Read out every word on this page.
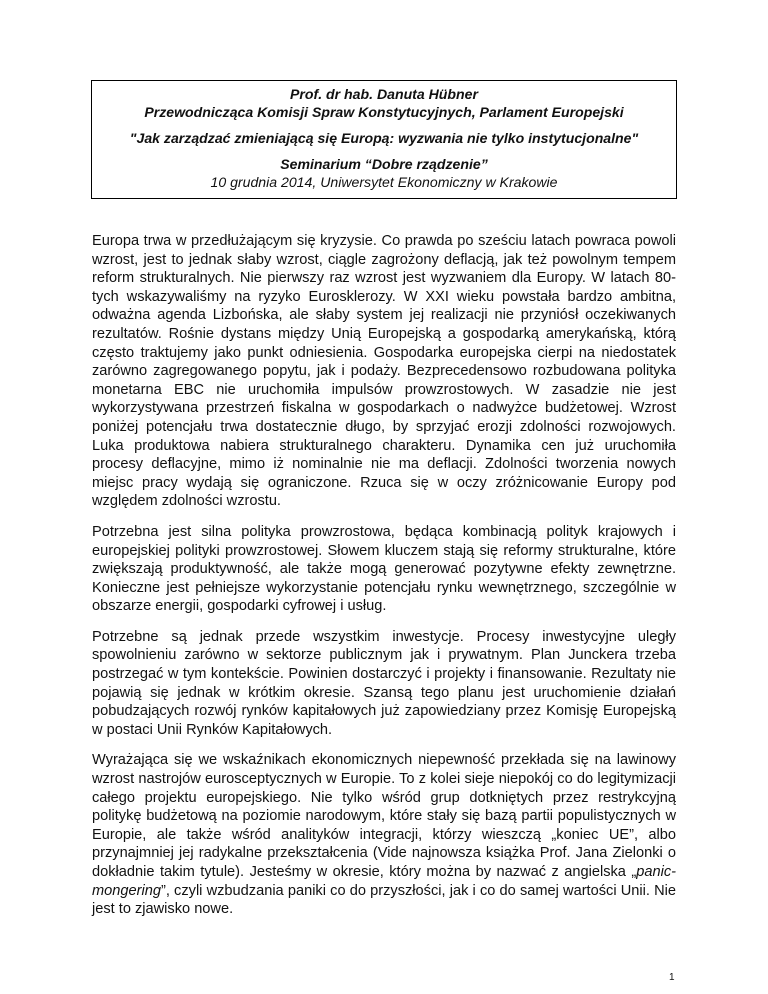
Prof. dr hab. Danuta Hübner
Przewodnicząca Komisji Spraw Konstytucyjnych, Parlament Europejski
"Jak zarządzać zmieniającą się Europą: wyzwania nie tylko instytucjonalne"
Seminarium “Dobre rządzenie”
10 grudnia 2014, Uniwersytet Ekonomiczny w Krakowie

Europa trwa w przedłużającym się kryzysie. Co prawda po sześciu latach powraca powoli wzrost, jest to jednak słaby wzrost, ciągle zagrożony deflacją, jak też powolnym tempem reform strukturalnych. Nie pierwszy raz wzrost jest wyzwaniem dla Europy. W latach 80-tych wskazywaliśmy na ryzyko Eurosklerozy. W XXI wieku powstała bardzo ambitna, odważna agenda Lizbońska, ale słaby system jej realizacji nie przyniósł oczekiwanych rezultatów. Rośnie dystans między Unią Europejską a gospodarką amerykańską, którą często traktujemy jako punkt odniesienia. Gospodarka europejska cierpi na niedostatek zarówno zagregowanego popytu, jak i podaży. Bezprecedensowo rozbudowana polityka monetarna EBC nie uruchomiła impulsów prowzrostowych. W zasadzie nie jest wykorzystywana przestrzeń fiskalna w gospodarkach o nadwyżce budżetowej. Wzrost poniżej potencjału trwa dostatecznie długo, by sprzyjać erozji zdolności rozwojowych. Luka produktowa nabiera strukturalnego charakteru. Dynamika cen już uruchomiła procesy deflacyjne, mimo iż nominalnie nie ma deflacji. Zdolności tworzenia nowych miejsc pracy wydają się ograniczone. Rzuca się w oczy zróżnicowanie Europy pod względem zdolności wzrostu.

Potrzebna jest silna polityka prowzrostowa, będąca kombinacją polityk krajowych i europejskiej polityki prowzrostowej. Słowem kluczem stają się reformy strukturalne, które zwiększają produktywność, ale także mogą generować pozytywne efekty zewnętrzne. Konieczne jest pełniejsze wykorzystanie potencjału rynku wewnętrznego, szczególnie w obszarze energii, gospodarki cyfrowej i usług.

Potrzebne są jednak przede wszystkim inwestycje. Procesy inwestycyjne uległy spowolnieniu zarówno w sektorze publicznym jak i prywatnym. Plan Junckera trzeba postrzegać w tym kontekście. Powinien dostarczyć i projekty i finansowanie. Rezultaty nie pojawią się jednak w krótkim okresie. Szansą tego planu jest uruchomienie działań pobudzających rozwój rynków kapitałowych już zapowiedziany przez Komisję Europejską w postaci Unii Rynków Kapitałowych.

Wyrażająca się we wskaźnikach ekonomicznych niepewność przekłada się na lawinowy wzrost nastrojów eurosceptycznych w Europie. To z kolei sieje niepokój co do legitymizacji całego projektu europejskiego. Nie tylko wśród grup dotkniętych przez restrykcyjną politykę budżetową na poziomie narodowym, które stały się bazą partii populistycznych w Europie, ale także wśród analityków integracji, którzy wieszczą „koniec UE”, albo przynajmniej jej radykalne przekształcenia (Vide najnowsza książka Prof. Jana Zielonki o dokładnie takim tytule). Jesteśmy w okresie, który można by nazwać z angielska „panic-mongering”, czyli wzbudzania paniki co do przyszłości, jak i co do samej wartości Unii. Nie jest to zjawisko nowe.

1
